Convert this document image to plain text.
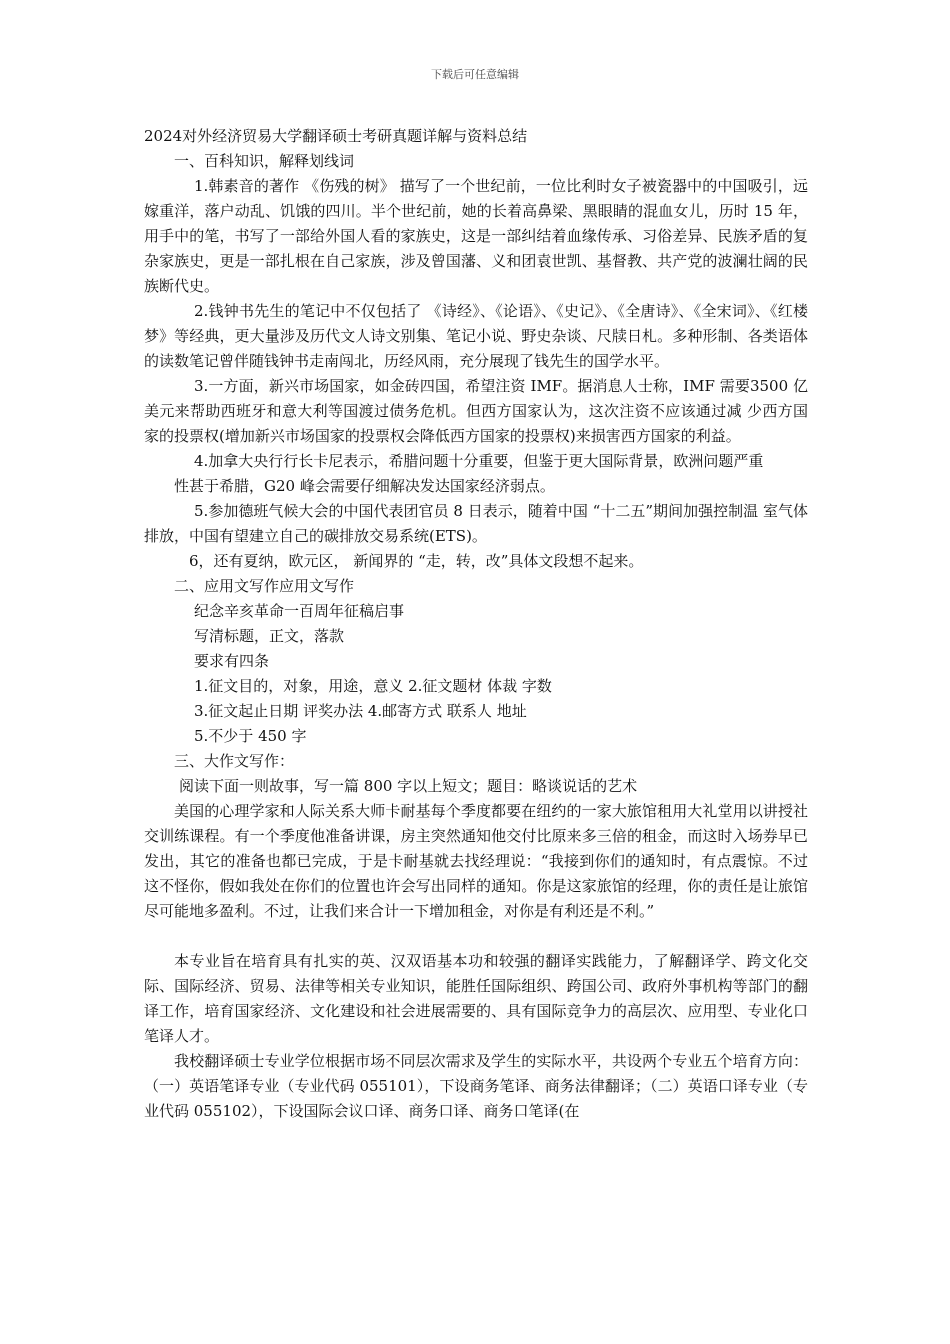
下载后可任意编辑

2024对外经济贸易大学翻译硕士考研真题详解与资料总结

一、百科知识，解释划线词

1.韩素音的著作 《伤残的树》 描写了一个世纪前，一位比利时女子被瓷器中的中国吸引，远嫁重洋，落户动乱、饥饿的四川。半个世纪前，她的长着高鼻梁、黑眼睛的混血女儿，历时 15 年，用手中的笔，书写了一部给外国人看的家族史，这是一部纠结着血缘传承、习俗差异、民族矛盾的复杂家族史，更是一部扎根在自己家族，涉及曾国藩、义和团袁世凯、基督教、共产党的波澜壮阔的民族断代史。

2.钱钟书先生的笔记中不仅包括了 《诗经》、《论语》、《史记》、《全唐诗》、《全宋词》、《红楼梦》等经典，更大量涉及历代文人诗文别集、笔记小说、野史杂谈、尺牍日札。多种形制、各类语体的读数笔记曾伴随钱钟书走南闯北，历经风雨，充分展现了钱先生的国学水平。

3.一方面，新兴市场国家，如金砖四国，希望注资 IMF。据消息人士称，IMF 需要3500 亿美元来帮助西班牙和意大利等国渡过债务危机。但西方国家认为，这次注资不应该通过减 少西方国家的投票权(增加新兴市场国家的投票权会降低西方国家的投票权)来损害西方国家的利益。

4.加拿大央行行长卡尼表示，希腊问题十分重要，但鉴于更大国际背景，欧洲问题严重

性甚于希腊，G20 峰会需要仔细解决发达国家经济弱点。

5.参加德班气候大会的中国代表团官员 8 日表示，随着中国 “十二五”期间加强控制温 室气体排放，中国有望建立自己的碳排放交易系统(ETS)。

6，还有夏纳，欧元区， 新闻界的 “走，转，改”具体文段想不起来。

二、应用文写作应用文写作

纪念辛亥革命一百周年征稿启事

写清标题，正文，落款

要求有四条

1.征文目的，对象，用途，意义 2.征文题材 体裁 字数

3.征文起止日期 评奖办法 4.邮寄方式 联系人 地址

5.不少于 450 字

三、大作文写作：

阅读下面一则故事，写一篇 800 字以上短文；题目：略谈说话的艺术

美国的心理学家和人际关系大师卡耐基每个季度都要在纽约的一家大旅馆租用大礼堂用以讲授社交训练课程。有一个季度他准备讲课，房主突然通知他交付比原来多三倍的租金，而这时入场券早已发出，其它的准备也都已完成，于是卡耐基就去找经理说：“我接到你们的通知时，有点震惊。不过这不怪你，假如我处在你们的位置也许会写出同样的通知。你是这家旅馆的经理，你的责任是让旅馆尽可能地多盈利。不过，让我们来合计一下增加租金，对你是有利还是不利。”

本专业旨在培育具有扎实的英、汉双语基本功和较强的翻译实践能力，了解翻译学、跨文化交际、国际经济、贸易、法律等相关专业知识，能胜任国际组织、跨国公司、政府外事机构等部门的翻译工作，培育国家经济、文化建设和社会进展需要的、具有国际竞争力的高层次、应用型、专业化口笔译人才。

我校翻译硕士专业学位根据市场不同层次需求及学生的实际水平，共设两个专业五个培育方向：（一）英语笔译专业（专业代码 055101），下设商务笔译、商务法律翻译；（二）英语口译专业（专业代码 055102），下设国际会议口译、商务口译、商务口笔译(在
